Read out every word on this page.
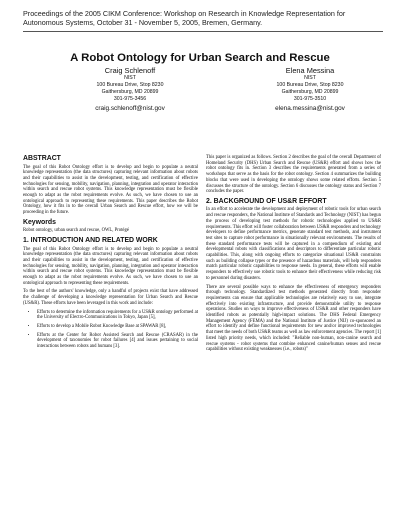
Proceedings of the 2005 CIKM Conference: Workshop on Research in Knowledge Representation for Autonomous Systems, October 31 - November 5, 2005, Bremen, Germany.
A Robot Ontology for Urban Search and Rescue
Craig Schlenoff
NIST
100 Bureau Drive, Stop 8230
Gaithersburg, MD 20899
301-975-3456
craig.schlenoff@nist.gov
Elena Messina
NIST
100 Bureau Drive, Stop 8230
Gaithersburg, MD 20899
301-975-3510
elena.messina@nist.gov
ABSTRACT
The goal of this Robot Ontology effort is to develop and begin to populate a neutral knowledge representation (the data structures) capturing relevant information about robots and their capabilities to assist in the development, testing, and certification of effective technologies for sensing, mobility, navigation, planning, integration and operator interaction within search and rescue robot systems. This knowledge representation must be flexible enough to adapt as the robot requirements evolve. As such, we have chosen to use an ontological approach to representing these requirements. This paper describes the Robot Ontology, how it fits in to the overall Urban Search and Rescue effort, how we will be proceeding in the future.
Keywords
Robot ontology, urban search and rescue, OWL, Protégé
1. INTRODUCTION AND RELATED WORK
The goal of this Robot Ontology effort is to develop and begin to populate a neutral knowledge representation (the data structures) capturing relevant information about robots and their capabilities to assist in the development, testing, and certification of effective technologies for sensing, mobility, navigation, planning, integration and operator interaction within search and rescue robot systems. This knowledge representation must be flexible enough to adapt as the robot requirements evolve. As such, we have chosen to use an ontological approach to representing these requirements.
To the best of the authors' knowledge, only a handful of projects exist that have addressed the challenge of developing a knowledge representation for Urban Search and Rescue (US&R). These efforts have been leveraged in this work and include:
• Efforts to determine the information requirements for a US&R ontology performed at the University of Electro-Communications in Tokyo, Japan [5],
• Efforts to develop a Mobile Robot Knowledge Base at SPAWAR [8],
• Efforts at the Center for Robot Assisted Search and Rescue (CRASAR) in the development of taxonomies for robot failures [4] and issues pertaining to social interactions between robots and humans [3].
This paper is organized as follows. Section 2 describes the goal of the overall Department of Homeland Security (DHS) Urban Search and Rescue (US&R) effort and shows how the robot ontology fits in. Section 3 describes the requirements generated from a series of workshops that serve as the basis for the robot ontology. Section 4 summarizes the building blocks that were used in developing the ontology shows some related efforts. Section 5 discusses the structure of the ontology. Section 6 discusses the ontology status and Section 7 concludes the paper.
2. BACKGROUND OF US&R EFFORT
In an effort to accelerate the development and deployment of robotic tools for urban search and rescue responders, the National Institute of Standards and Technology (NIST) has begun the process of developing test methods for robotic technologies applied to US&R requirements. This effort will foster collaboration between US&R responders and technology developers to define performance metrics, generate standard test methods, and instrument test sites to capture robot performance in situationally relevant environments. The results of these standard performance tests will be captured in a compendium of existing and developmental robots with classifications and descriptors to differentiate particular robotic capabilities. This, along with ongoing efforts to categorize situational US&R constraints such as building collapse types or the presence of hazardous materials, will help responders match particular robotic capabilities to response needs. In general, these efforts will enable responders to effectively use robotic tools to enhance their effectiveness while reducing risk to personnel during disasters.
There are several possible ways to enhance the effectiveness of emergency responders through technology. Standardized test methods generated directly from responder requirements can ensure that applicable technologies are relatively easy to use, integrate effectively into existing infrastructure, and provide demonstrable utility to response operations. Studies on ways to improve effectiveness of US&R and other responders have identified robots as potentially high-impact solutions. The DHS Federal Emergency Management Agency (FEMA) and the National Institute of Justice (NIJ) co-sponsored an effort to identify and define functional requirements for new and/or improved technologies that meet the needs of both US&R teams as well as law enforcement agencies. The report [1] listed high priority needs, which included: "Reliable non-human, non-canine search and rescue systems - robot systems that combine enhanced canine/human senses and rescue capabilities without existing weaknesses (i.e., robots)"
